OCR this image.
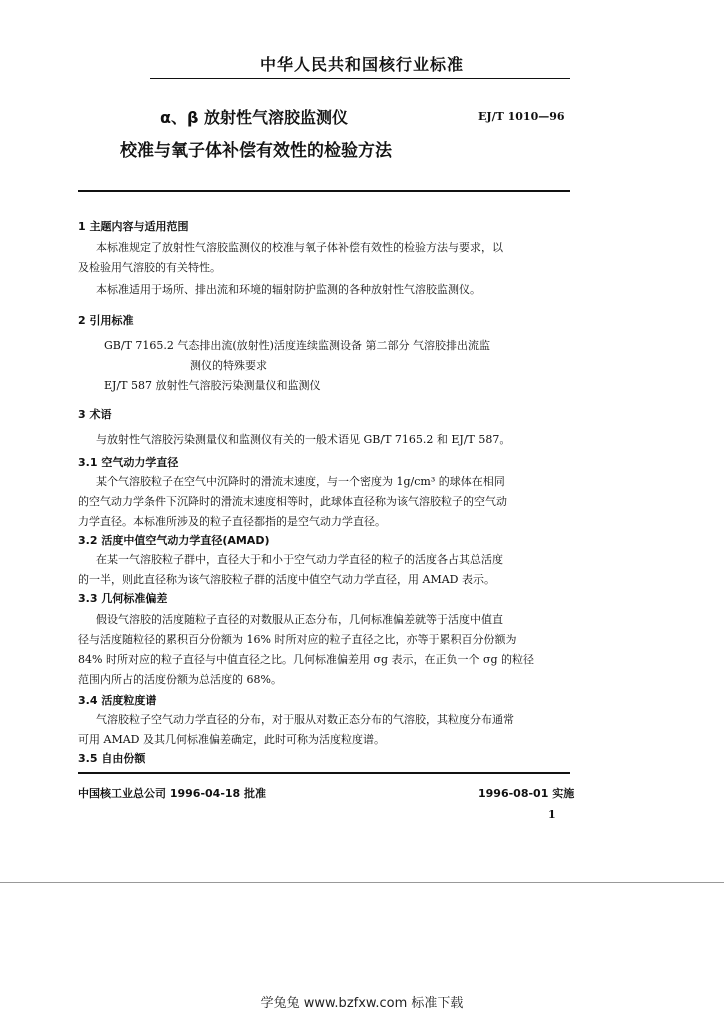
中华人民共和国核行业标准
α、β 放射性气溶胶监测仪	EJ/T 1010—96
校准与氧子体补偿有效性的检验方法
1 主题内容与适用范围
本标准规定了放射性气溶胶监测仪的校准与氧子体补偿有效性的检验方法与要求，以
及检验用气溶胶的有关特性。
本标准适用于场所、排出流和环境的辐射防护监测的各种放射性气溶胶监测仪。
2 引用标准
GB/T 7165.2 气态排出流(放射性)活度连续监测设备 第二部分 气溶胶排出流监
测仪的特殊要求
EJ/T 587 放射性气溶胶污染测量仪和监测仪
3 术语
与放射性气溶胶污染测量仪和监测仪有关的一般术语见 GB/T 7165.2 和 EJ/T 587。
3.1 空气动力学直径
某个气溶胶粒子在空气中沉降时的滑流末速度，与一个密度为 1g/cm³ 的球体在相同
的空气动力学条件下沉降时的滑流末速度相等时，此球体直径称为该气溶胶粒子的空气动
力学直径。本标准所涉及的粒子直径都指的是空气动力学直径。
3.2 活度中值空气动力学直径(AMAD)
在某一气溶胶粒子群中，直径大于和小于空气动力学直径的粒子的活度各占其总活度
的一半，则此直径称为该气溶胶粒子群的活度中值空气动力学直径，用 AMAD 表示。
3.3 几何标准偏差
假设气溶胶的活度随粒子直径的对数服从正态分布，几何标准偏差就等于活度中值直
径与活度随粒径的累积百分份额为 16% 时所对应的粒子直径之比，亦等于累积百分份额为
84% 时所对应的粒子直径与中值直径之比。几何标准偏差用 σg 表示，在正负一个 σg 的粒径
范围内所占的活度份额为总活度的 68%。
3.4 活度粒度谱
气溶胶粒子空气动力学直径的分布，对于服从对数正态分布的气溶胶，其粒度分布通常
可用 AMAD 及其几何标准偏差确定，此时可称为活度粒度谱。
3.5 自由份额
中国核工业总公司 1996-04-18 批准	1996-08-01 实施
1
学兔兔 www.bzfxw.com 标准下载
